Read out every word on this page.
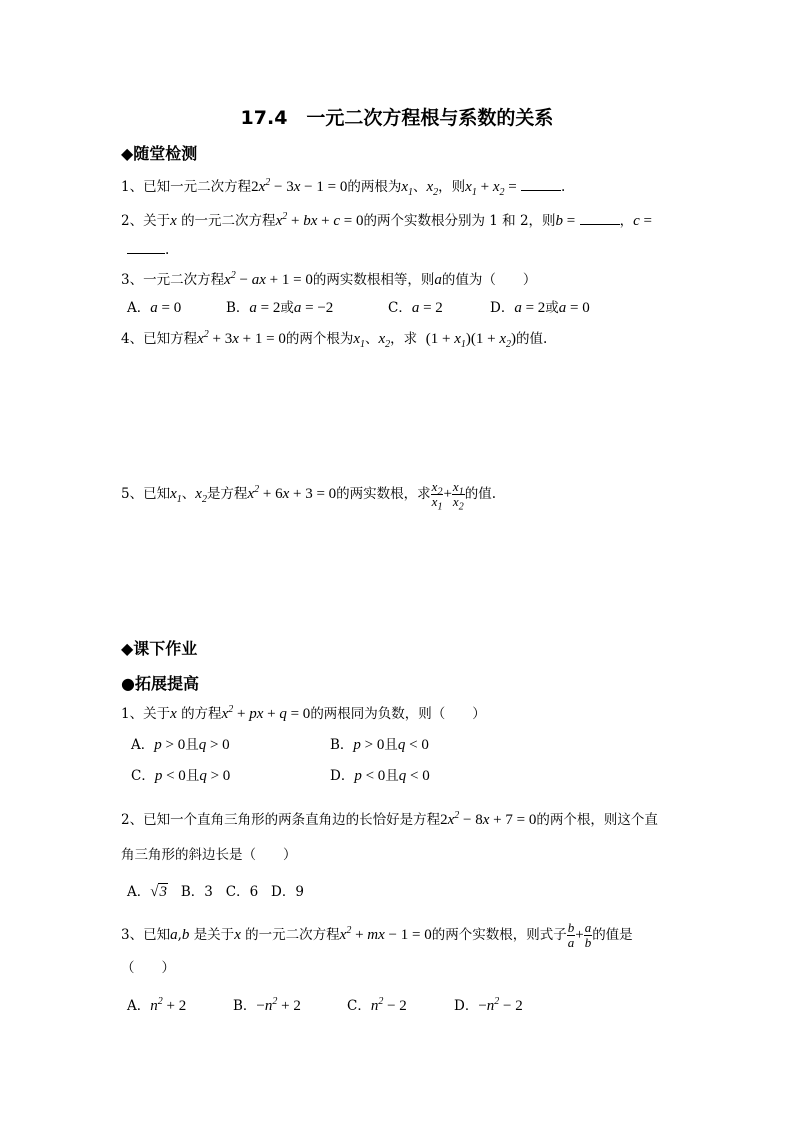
17.4　一元二次方程根与系数的关系
◆随堂检测
1、已知一元二次方程$2x^2 - 3x - 1 = 0$的两根为$x_1$、$x_2$，则$x_1 + x_2$ =	.
2、关于x 的一元二次方程$x^2$ + bx + c = 0的两个实数根分别为 1 和 2，则b =	，c =
.
3、一元二次方程$x^2$ − ax + 1 = 0的两实数根相等，则a的值为（　　）
A．a = 0	B．a = 2或a = −2	C．a = 2	D．a = 2或a = 0
4、已知方程$x^2 + 3x + 1 = 0$的两个根为$x_1$、$x_2$，求 $(1 + x_1)(1 + x_2)$的值.
5、已知$x_1$、$x_2$是方程$x^2 + 6x + 3 = 0$的两实数根，求 $\frac{x_2}{x_1} + \frac{x_1}{x_2}$ 的值.
◆课下作业
●拓展提高
1、关于x 的方程$x^2$ + px + q = 0的两根同为负数，则（　　）
A．p > 0且q > 0	B．p > 0且q < 0
C．p < 0且q > 0	D．p < 0且q < 0
2、已知一个直角三角形的两条直角边的长恰好是方程$2x^2 - 8x + 7 = 0$的两个根，则这个直
角三角形的斜边长是（　　）
A．√3 B．3 C．6 D．9
3、已知a,b 是关于x 的一元二次方程$x^2$ + mx − 1 = 0的两个实数根，则式子 $\frac{b}{a} + \frac{a}{b}$ 的值是
（　　）
A．$n^2 + 2$	B．$-n^2 + 2$	C．$n^2 - 2$	D．$-n^2 - 2$
